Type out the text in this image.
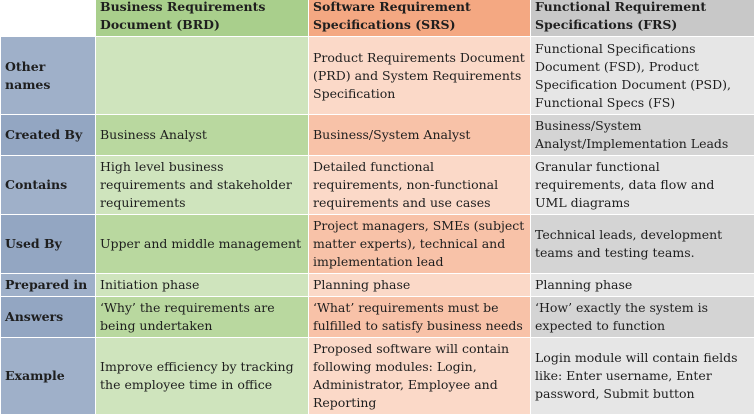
	Business Requirements Document (BRD)	Software Requirement Specifications (SRS)	Functional Requirement Specifications (FRS)
Other names		Product Requirements Document (PRD) and System Requirements Specification	Functional Specifications Document (FSD), Product Specification Document (PSD), Functional Specs (FS)
Created By	Business Analyst	Business/System Analyst	Business/System Analyst/Implementation Leads
Contains	High level business requirements and stakeholder requirements	Detailed functional requirements, non-functional requirements and use cases	Granular functional requirements, data flow and UML diagrams
Used By	Upper and middle management	Project managers, SMEs (subject matter experts), technical and implementation lead	Technical leads, development teams and testing teams.
Prepared in	Initiation phase	Planning phase	Planning phase
Answers	‘Why’ the requirements are being undertaken	‘What’ requirements must be fulfilled to satisfy business needs	‘How’ exactly the system is expected to function
Example	Improve efficiency by tracking the employee time in office	Proposed software will contain following modules: Login, Administrator, Employee and Reporting	Login module will contain fields like: Enter username, Enter password, Submit button
